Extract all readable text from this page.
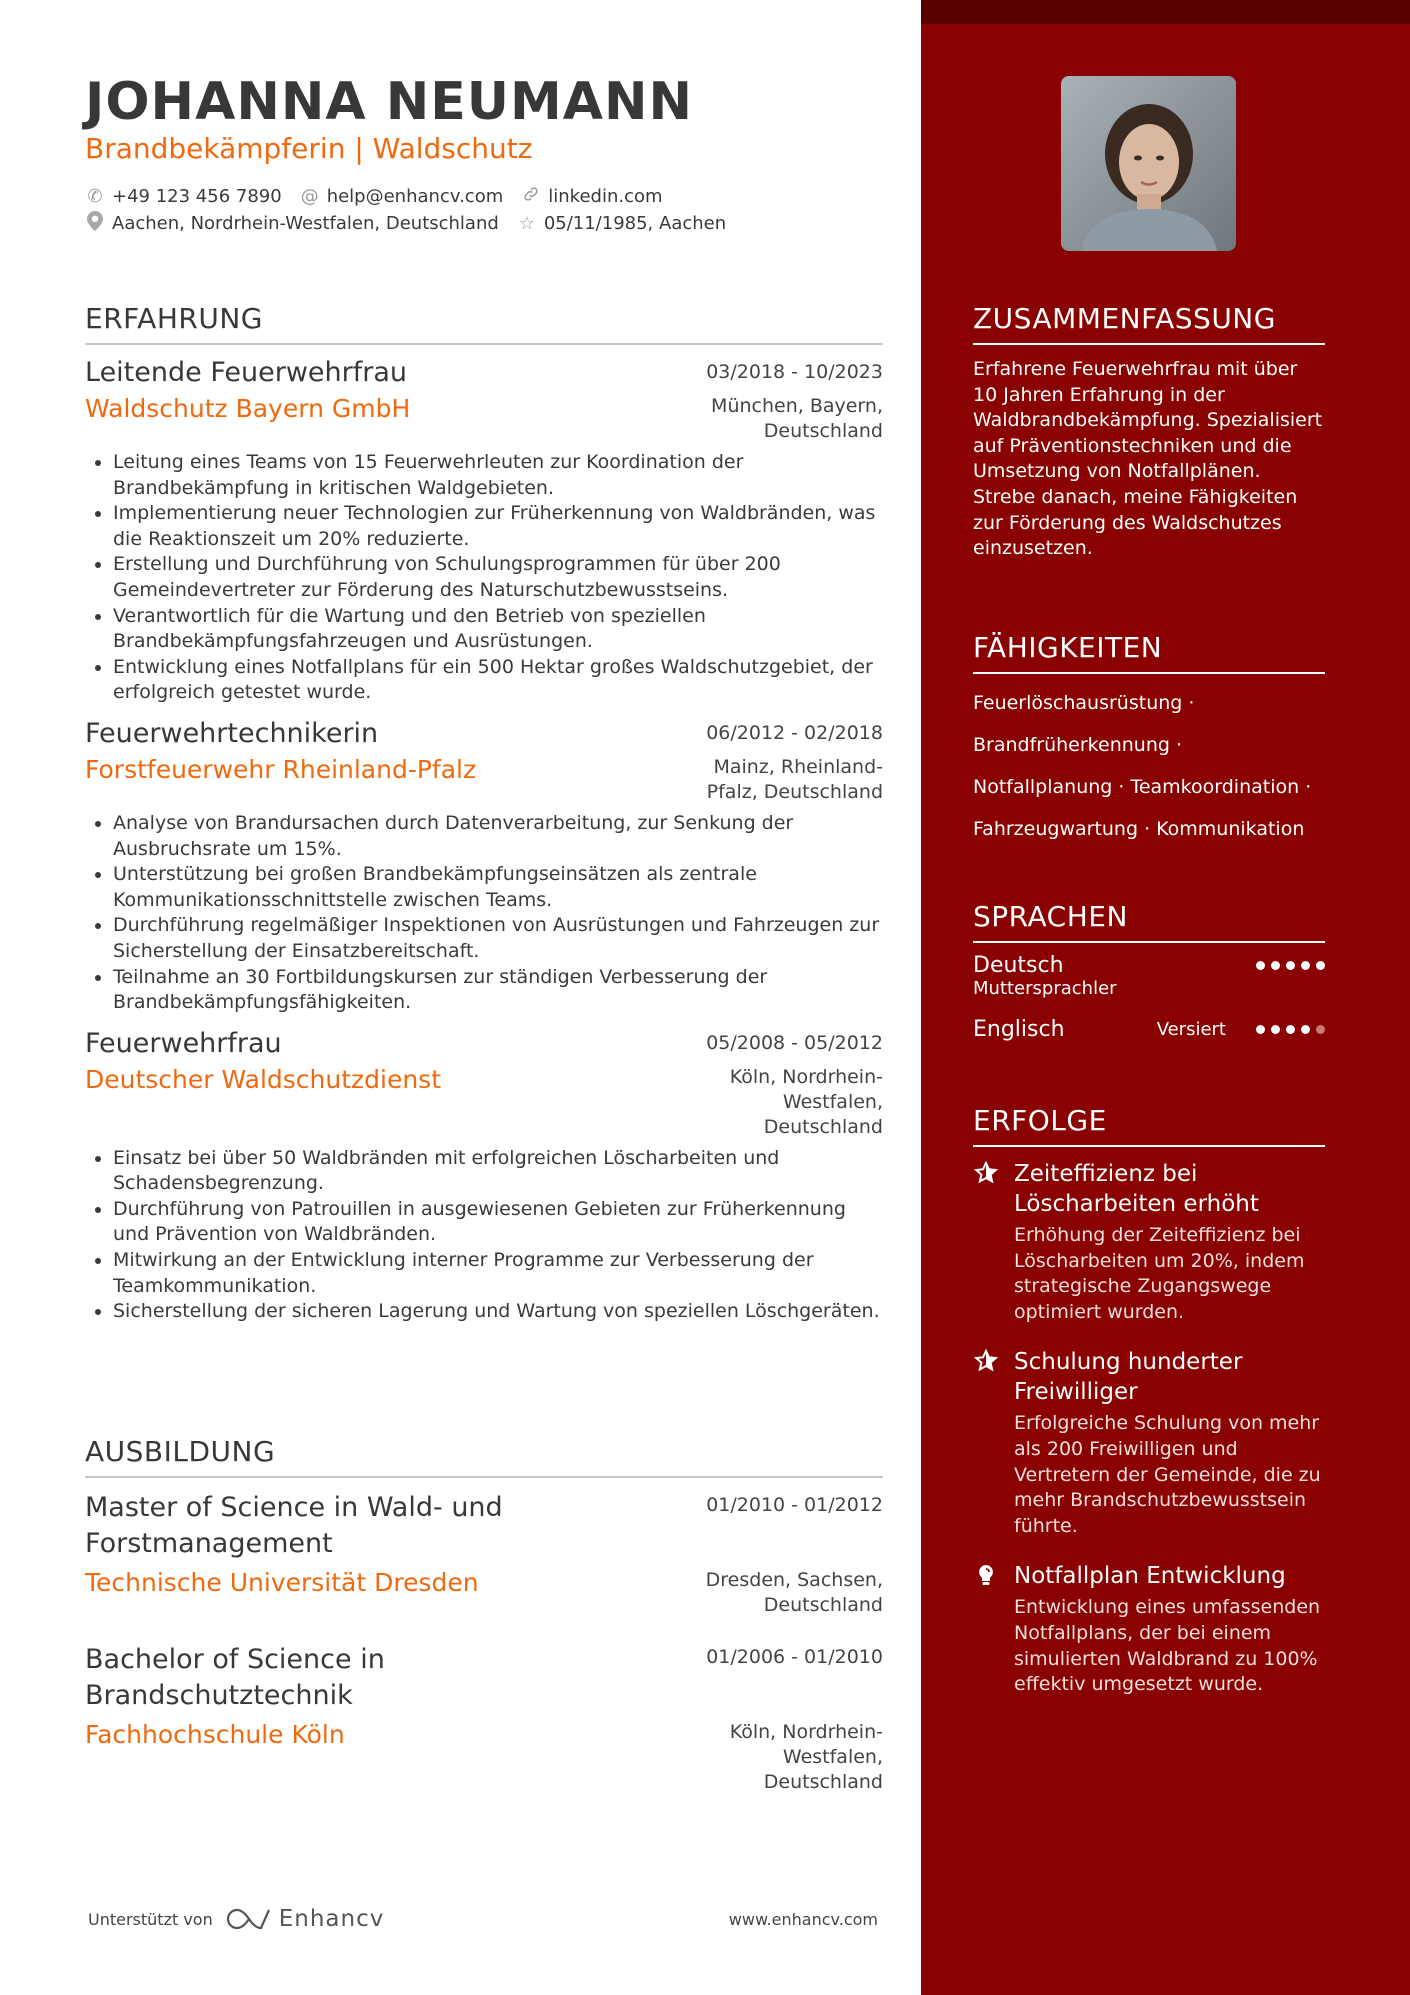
JOHANNA NEUMANN
Brandbekämpferin | Waldschutz
✆ +49 123 456 7890 @ help@enhancv.com	linkedin.com
Aachen, Nordrhein-Westfalen, Deutschland ☆ 05/11/1985, Aachen
ERFAHRUNG
Leitende Feuerwehrfrau	03/2018 - 10/2023
Waldschutz Bayern GmbH	München, Bayern,
Deutschland
• Leitung eines Teams von 15 Feuerwehrleuten zur Koordination der Brandbekämpfung in kritischen Waldgebieten.
• Implementierung neuer Technologien zur Früherkennung von Waldbränden, was die Reaktionszeit um 20% reduzierte.
• Erstellung und Durchführung von Schulungsprogrammen für über 200 Gemeindevertreter zur Förderung des Naturschutzbewusstseins.
• Verantwortlich für die Wartung und den Betrieb von speziellen Brandbekämpfungsfahrzeugen und Ausrüstungen.
• Entwicklung eines Notfallplans für ein 500 Hektar großes Waldschutzgebiet, der erfolgreich getestet wurde.
Feuerwehrtechnikerin	06/2012 - 02/2018
Forstfeuerwehr Rheinland-Pfalz	Mainz, Rheinland-
Pfalz, Deutschland
• Analyse von Brandursachen durch Datenverarbeitung, zur Senkung der Ausbruchsrate um 15%.
• Unterstützung bei großen Brandbekämpfungseinsätzen als zentrale Kommunikationsschnittstelle zwischen Teams.
• Durchführung regelmäßiger Inspektionen von Ausrüstungen und Fahrzeugen zur Sicherstellung der Einsatzbereitschaft.
• Teilnahme an 30 Fortbildungskursen zur ständigen Verbesserung der Brandbekämpfungsfähigkeiten.
Feuerwehrfrau	05/2008 - 05/2012
Deutscher Waldschutzdienst	Köln, Nordrhein-
Westfalen,
Deutschland
• Einsatz bei über 50 Waldbränden mit erfolgreichen Löscharbeiten und Schadensbegrenzung.
• Durchführung von Patrouillen in ausgewiesenen Gebieten zur Früherkennung und Prävention von Waldbränden.
• Mitwirkung an der Entwicklung interner Programme zur Verbesserung der Teamkommunikation.
• Sicherstellung der sicheren Lagerung und Wartung von speziellen Löschgeräten.
AUSBILDUNG
Master of Science in Wald- und Forstmanagement
01/2010 - 01/2012
Technische Universität Dresden	Dresden, Sachsen,
Deutschland
Bachelor of Science in Brandschutztechnik
01/2006 - 01/2010
Fachhochschule Köln	Köln, Nordrhein-
Westfalen,
Deutschland
Unterstützt von	Enhancv	www.enhancv.com
ZUSAMMENFASSUNG
Erfahrene Feuerwehrfrau mit über 10 Jahren Erfahrung in der Waldbrandbekämpfung. Spezialisiert auf Präventionstechniken und die Umsetzung von Notfallplänen. Strebe danach, meine Fähigkeiten zur Förderung des Waldschutzes einzusetzen.
FÄHIGKEITEN
Feuerlöschausrüstung ·
Brandfrüherkennung ·
Notfallplanung · Teamkoordination ·
Fahrzeugwartung · Kommunikation
SPRACHEN
Deutsch
Muttersprachler
Englisch	Versiert
ERFOLGE
Zeiteffizienz bei Löscharbeiten erhöht
Erhöhung der Zeiteffizienz bei Löscharbeiten um 20%, indem strategische Zugangswege optimiert wurden.
Schulung hunderter Freiwilliger
Erfolgreiche Schulung von mehr als 200 Freiwilligen und Vertretern der Gemeinde, die zu mehr Brandschutzbewusstsein führte.
Notfallplan Entwicklung
Entwicklung eines umfassenden Notfallplans, der bei einem simulierten Waldbrand zu 100% effektiv umgesetzt wurde.
